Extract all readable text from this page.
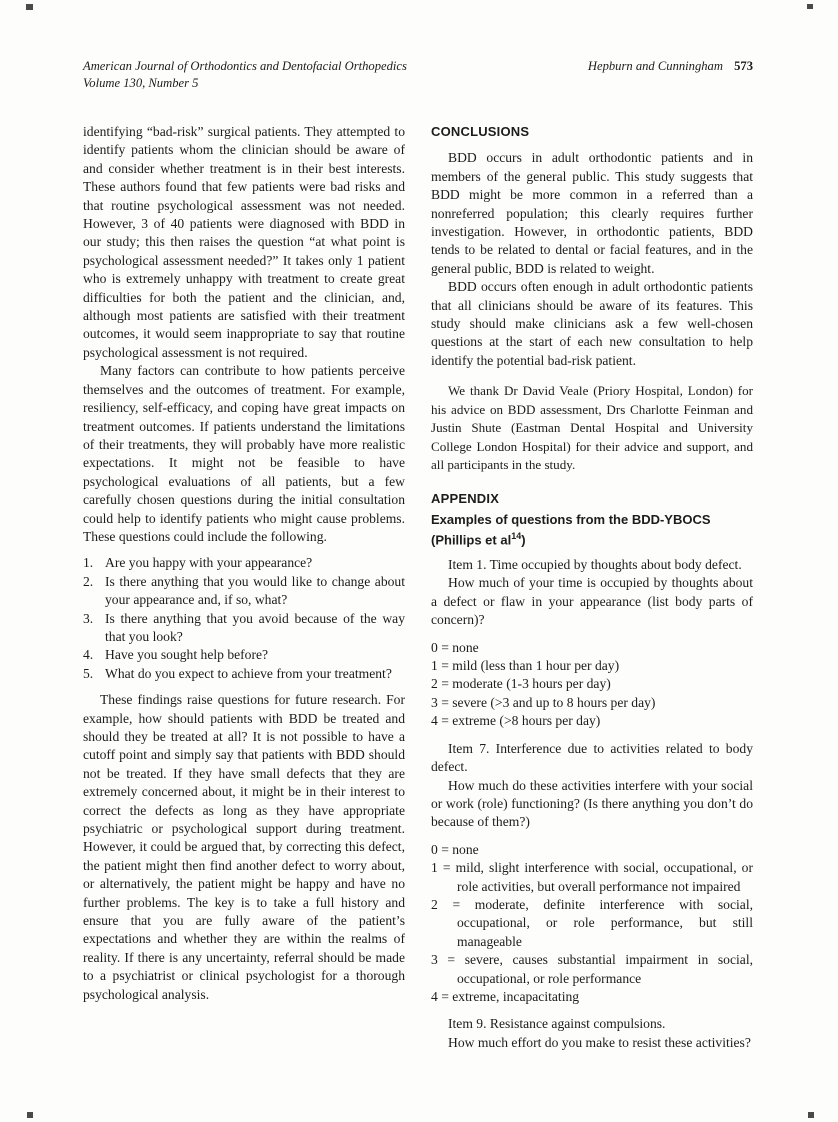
American Journal of Orthodontics and Dentofacial Orthopedics
Volume 130, Number 5
Hepburn and Cunningham 573

identifying “bad-risk” surgical patients. They attempted to identify patients whom the clinician should be aware of and consider whether treatment is in their best interests. These authors found that few patients were bad risks and that routine psychological assessment was not needed. However, 3 of 40 patients were diagnosed with BDD in our study; this then raises the question “at what point is psychological assessment needed?” It takes only 1 patient who is extremely unhappy with treatment to create great difficulties for both the patient and the clinician, and, although most patients are satisfied with their treatment outcomes, it would seem inappropriate to say that routine psychological assessment is not required.

Many factors can contribute to how patients perceive themselves and the outcomes of treatment. For example, resiliency, self-efficacy, and coping have great impacts on treatment outcomes. If patients understand the limitations of their treatments, they will probably have more realistic expectations. It might not be feasible to have psychological evaluations of all patients, but a few carefully chosen questions during the initial consultation could help to identify patients who might cause problems. These questions could include the following.

1. Are you happy with your appearance?
2. Is there anything that you would like to change about your appearance and, if so, what?
3. Is there anything that you avoid because of the way that you look?
4. Have you sought help before?
5. What do you expect to achieve from your treatment?

These findings raise questions for future research. For example, how should patients with BDD be treated and should they be treated at all? It is not possible to have a cutoff point and simply say that patients with BDD should not be treated. If they have small defects that they are extremely concerned about, it might be in their interest to correct the defects as long as they have appropriate psychiatric or psychological support during treatment. However, it could be argued that, by correcting this defect, the patient might then find another defect to worry about, or alternatively, the patient might be happy and have no further problems. The key is to take a full history and ensure that you are fully aware of the patient’s expectations and whether they are within the realms of reality. If there is any uncertainty, referral should be made to a psychiatrist or clinical psychologist for a thorough psychological analysis.

CONCLUSIONS

BDD occurs in adult orthodontic patients and in members of the general public. This study suggests that BDD might be more common in a referred than a nonreferred population; this clearly requires further investigation. However, in orthodontic patients, BDD tends to be related to dental or facial features, and in the general public, BDD is related to weight.

BDD occurs often enough in adult orthodontic patients that all clinicians should be aware of its features. This study should make clinicians ask a few well-chosen questions at the start of each new consultation to help identify the potential bad-risk patient.

We thank Dr David Veale (Priory Hospital, London) for his advice on BDD assessment, Drs Charlotte Feinman and Justin Shute (Eastman Dental Hospital and University College London Hospital) for their advice and support, and all participants in the study.

APPENDIX
Examples of questions from the BDD-YBOCS
(Phillips et $al^{14}$)

Item 1. Time occupied by thoughts about body defect.

How much of your time is occupied by thoughts about a defect or flaw in your appearance (list body parts of concern)?

0 = none
1 = mild (less than 1 hour per day)
2 = moderate (1-3 hours per day)
3 = severe (>3 and up to 8 hours per day)
4 = extreme (>8 hours per day)

Item 7. Interference due to activities related to body defect.

How much do these activities interfere with your social or work (role) functioning? (Is there anything you don’t do because of them?)

0 = none
1 = mild, slight interference with social, occupational, or role activities, but overall performance not impaired
2 = moderate, definite interference with social, occupational, or role performance, but still manageable
3 = severe, causes substantial impairment in social, occupational, or role performance
4 = extreme, incapacitating

Item 9. Resistance against compulsions.

How much effort do you make to resist these activities?
